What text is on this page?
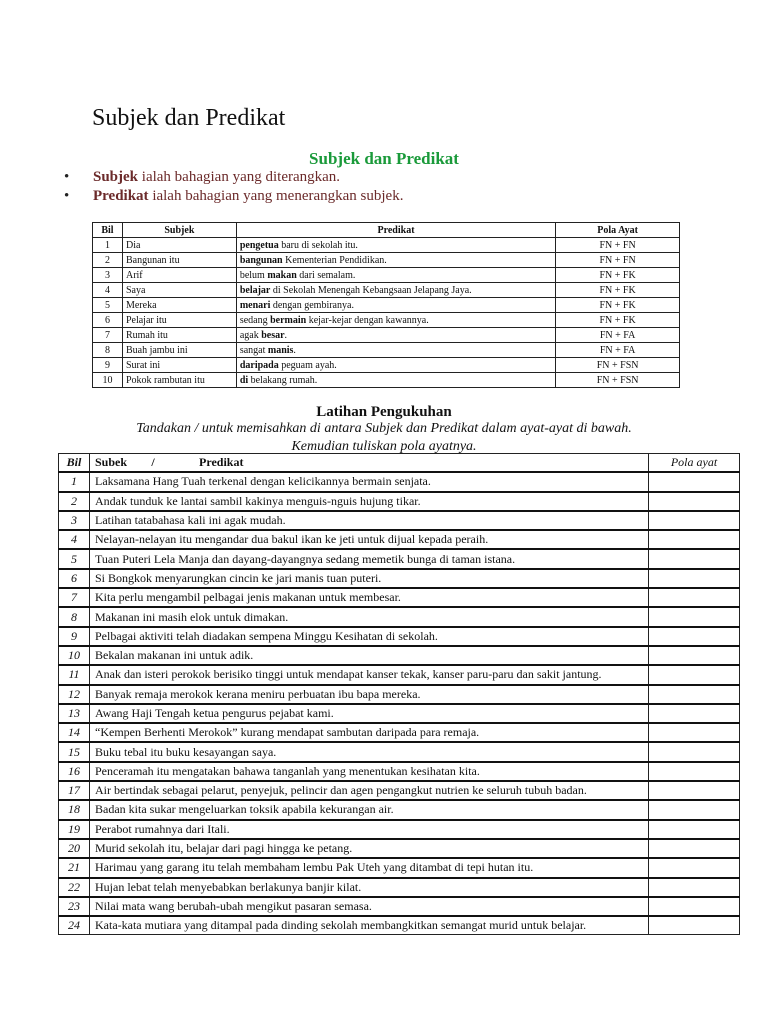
Subjek dan Predikat
Subjek dan Predikat
• Subjek ialah bahagian yang diterangkan.
• Predikat ialah bahagian yang menerangkan subjek.
Bil	Subjek	Predikat	Pola Ayat
1	Dia	pengetua baru di sekolah itu.	FN + FN
2	Bangunan itu	bangunan Kementerian Pendidikan.	FN + FN
3	Arif	belum makan dari semalam.	FN + FK
4	Saya	belajar di Sekolah Menengah Kebangsaan Jelapang Jaya.	FN + FK
5	Mereka	menari dengan gembiranya.	FN + FK
6	Pelajar itu	sedang bermain kejar-kejar dengan kawannya.	FN + FK
7	Rumah itu	agak besar.	FN + FA
8	Buah jambu ini	sangat manis.	FN + FA
9	Surat ini	daripada peguam ayah.	FN + FSN
10	Pokok rambutan itu	di belakang rumah.	FN + FSN
Latihan Pengukuhan
Tandakan / untuk memisahkan di antara Subjek dan Predikat dalam ayat-ayat di bawah.
Kemudian tuliskan pola ayatnya.
Bil	Subek / Predikat	Pola ayat
1	Laksamana Hang Tuah terkenal dengan kelicikannya bermain senjata.	
2	Andak tunduk ke lantai sambil kakinya menguis-nguis hujung tikar.	
3	Latihan tatabahasa kali ini agak mudah.	
4	Nelayan-nelayan itu mengandar dua bakul ikan ke jeti untuk dijual kepada peraih.	
5	Tuan Puteri Lela Manja dan dayang-dayangnya sedang memetik bunga di taman istana.	
6	Si Bongkok menyarungkan cincin ke jari manis tuan puteri.	
7	Kita perlu mengambil pelbagai jenis makanan untuk membesar.	
8	Makanan ini masih elok untuk dimakan.	
9	Pelbagai aktiviti telah diadakan sempena Minggu Kesihatan di sekolah.	
10	Bekalan makanan ini untuk adik.	
11	Anak dan isteri perokok berisiko tinggi untuk mendapat kanser tekak, kanser paru-paru dan sakit jantung.	
12	Banyak remaja merokok kerana meniru perbuatan ibu bapa mereka.	
13	Awang Haji Tengah ketua pengurus pejabat kami.	
14	“Kempen Berhenti Merokok” kurang mendapat sambutan daripada para remaja.	
15	Buku tebal itu buku kesayangan saya.	
16	Penceramah itu mengatakan bahawa tanganlah yang menentukan kesihatan kita.	
17	Air bertindak sebagai pelarut, penyejuk, pelincir dan agen pengangkut nutrien ke seluruh tubuh badan.	
18	Badan kita sukar mengeluarkan toksik apabila kekurangan air.	
19	Perabot rumahnya dari Itali.	
20	Murid sekolah itu, belajar dari pagi hingga ke petang.	
21	Harimau yang garang itu telah membaham lembu Pak Uteh yang ditambat di tepi hutan itu.	
22	Hujan lebat telah menyebabkan berlakunya banjir kilat.	
23	Nilai mata wang berubah-ubah mengikut pasaran semasa.	
24	Kata-kata mutiara yang ditampal pada dinding sekolah membangkitkan semangat murid untuk belajar.	
